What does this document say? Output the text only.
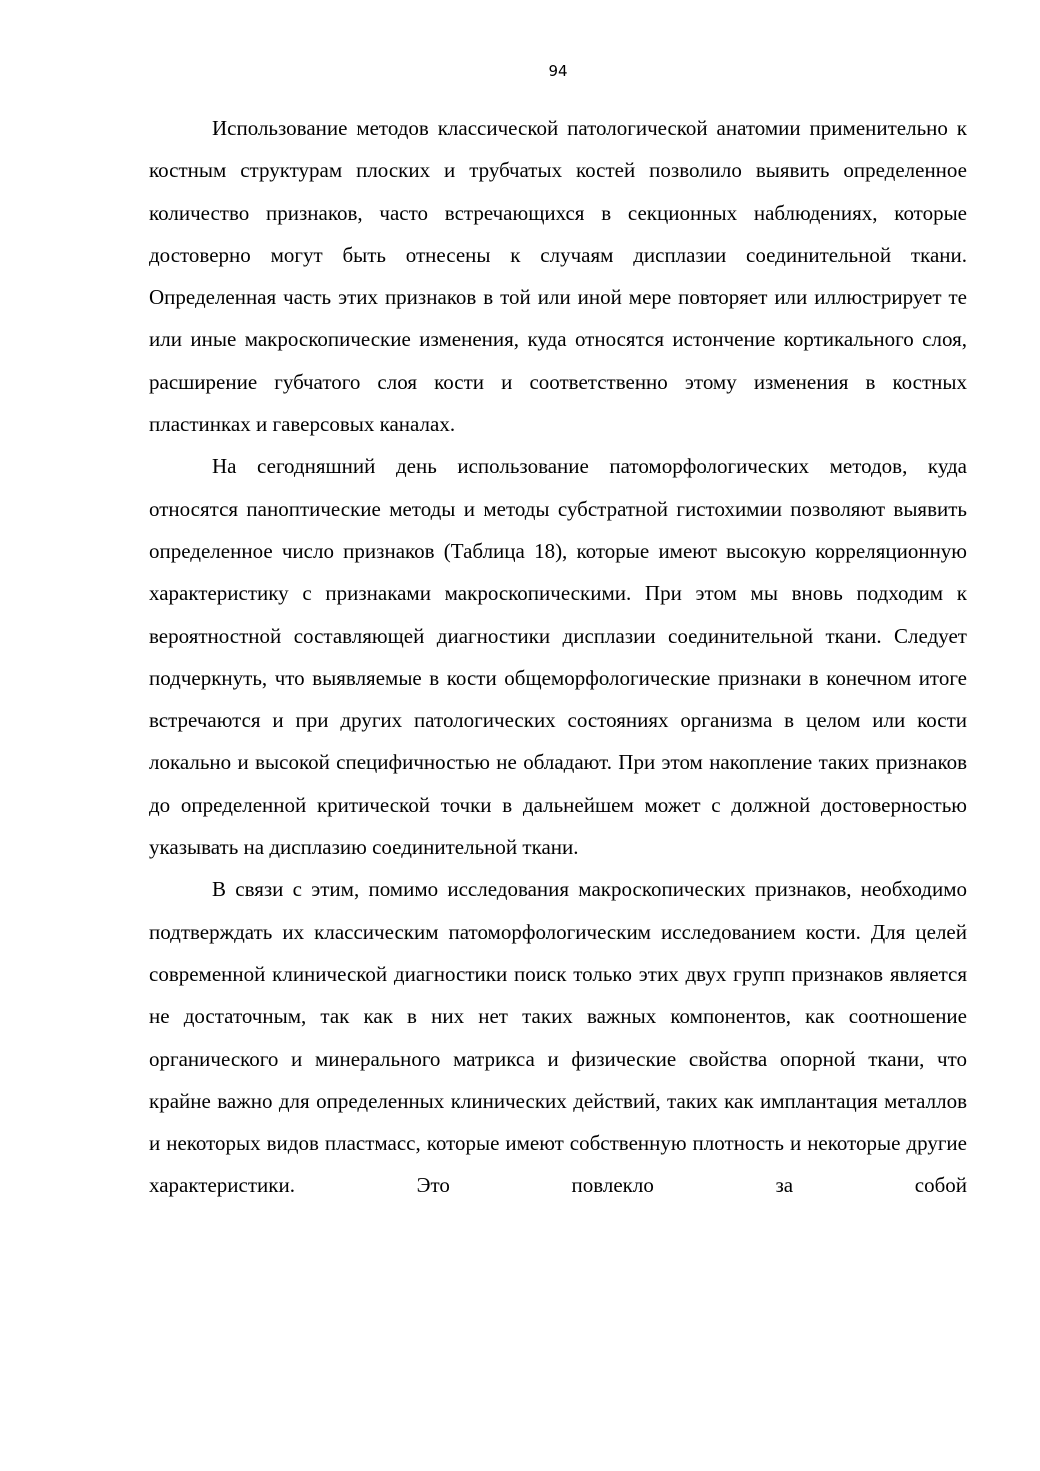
94

Использование методов классической патологической анатомии применительно к костным структурам плоских и трубчатых костей позволило выявить определенное количество признаков, часто встречающихся в секционных наблюдениях, которые достоверно могут быть отнесены к случаям дисплазии соединительной ткани. Определенная часть этих признаков в той или иной мере повторяет или иллюстрирует те или иные макроскопические изменения, куда относятся истончение кортикального слоя, расширение губчатого слоя кости и соответственно этому изменения в костных пластинках и гаверсовых каналах.

На сегодняшний день использование патоморфологических методов, куда относятся паноптические методы и методы субстратной гистохимии позволяют выявить определенное число признаков (Таблица 18), которые имеют высокую корреляционную характеристику с признаками макроскопическими. При этом мы вновь подходим к вероятностной составляющей диагностики дисплазии соединительной ткани. Следует подчеркнуть, что выявляемые в кости общеморфологические признаки в конечном итоге встречаются и при других патологических состояниях организма в целом или кости локально и высокой специфичностью не обладают. При этом накопление таких признаков до определенной критической точки в дальнейшем может с должной достоверностью указывать на дисплазию соединительной ткани.

В связи с этим, помимо исследования макроскопических признаков, необходимо подтверждать их классическим патоморфологическим исследованием кости. Для целей современной клинической диагностики поиск только этих двух групп признаков является не достаточным, так как в них нет таких важных компонентов, как соотношение органического и минерального матрикса и физические свойства опорной ткани, что крайне важно для определенных клинических действий, таких как имплантация металлов и некоторых видов пластмасс, которые имеют собственную плотность и некоторые другие характеристики. Это повлекло за собой
